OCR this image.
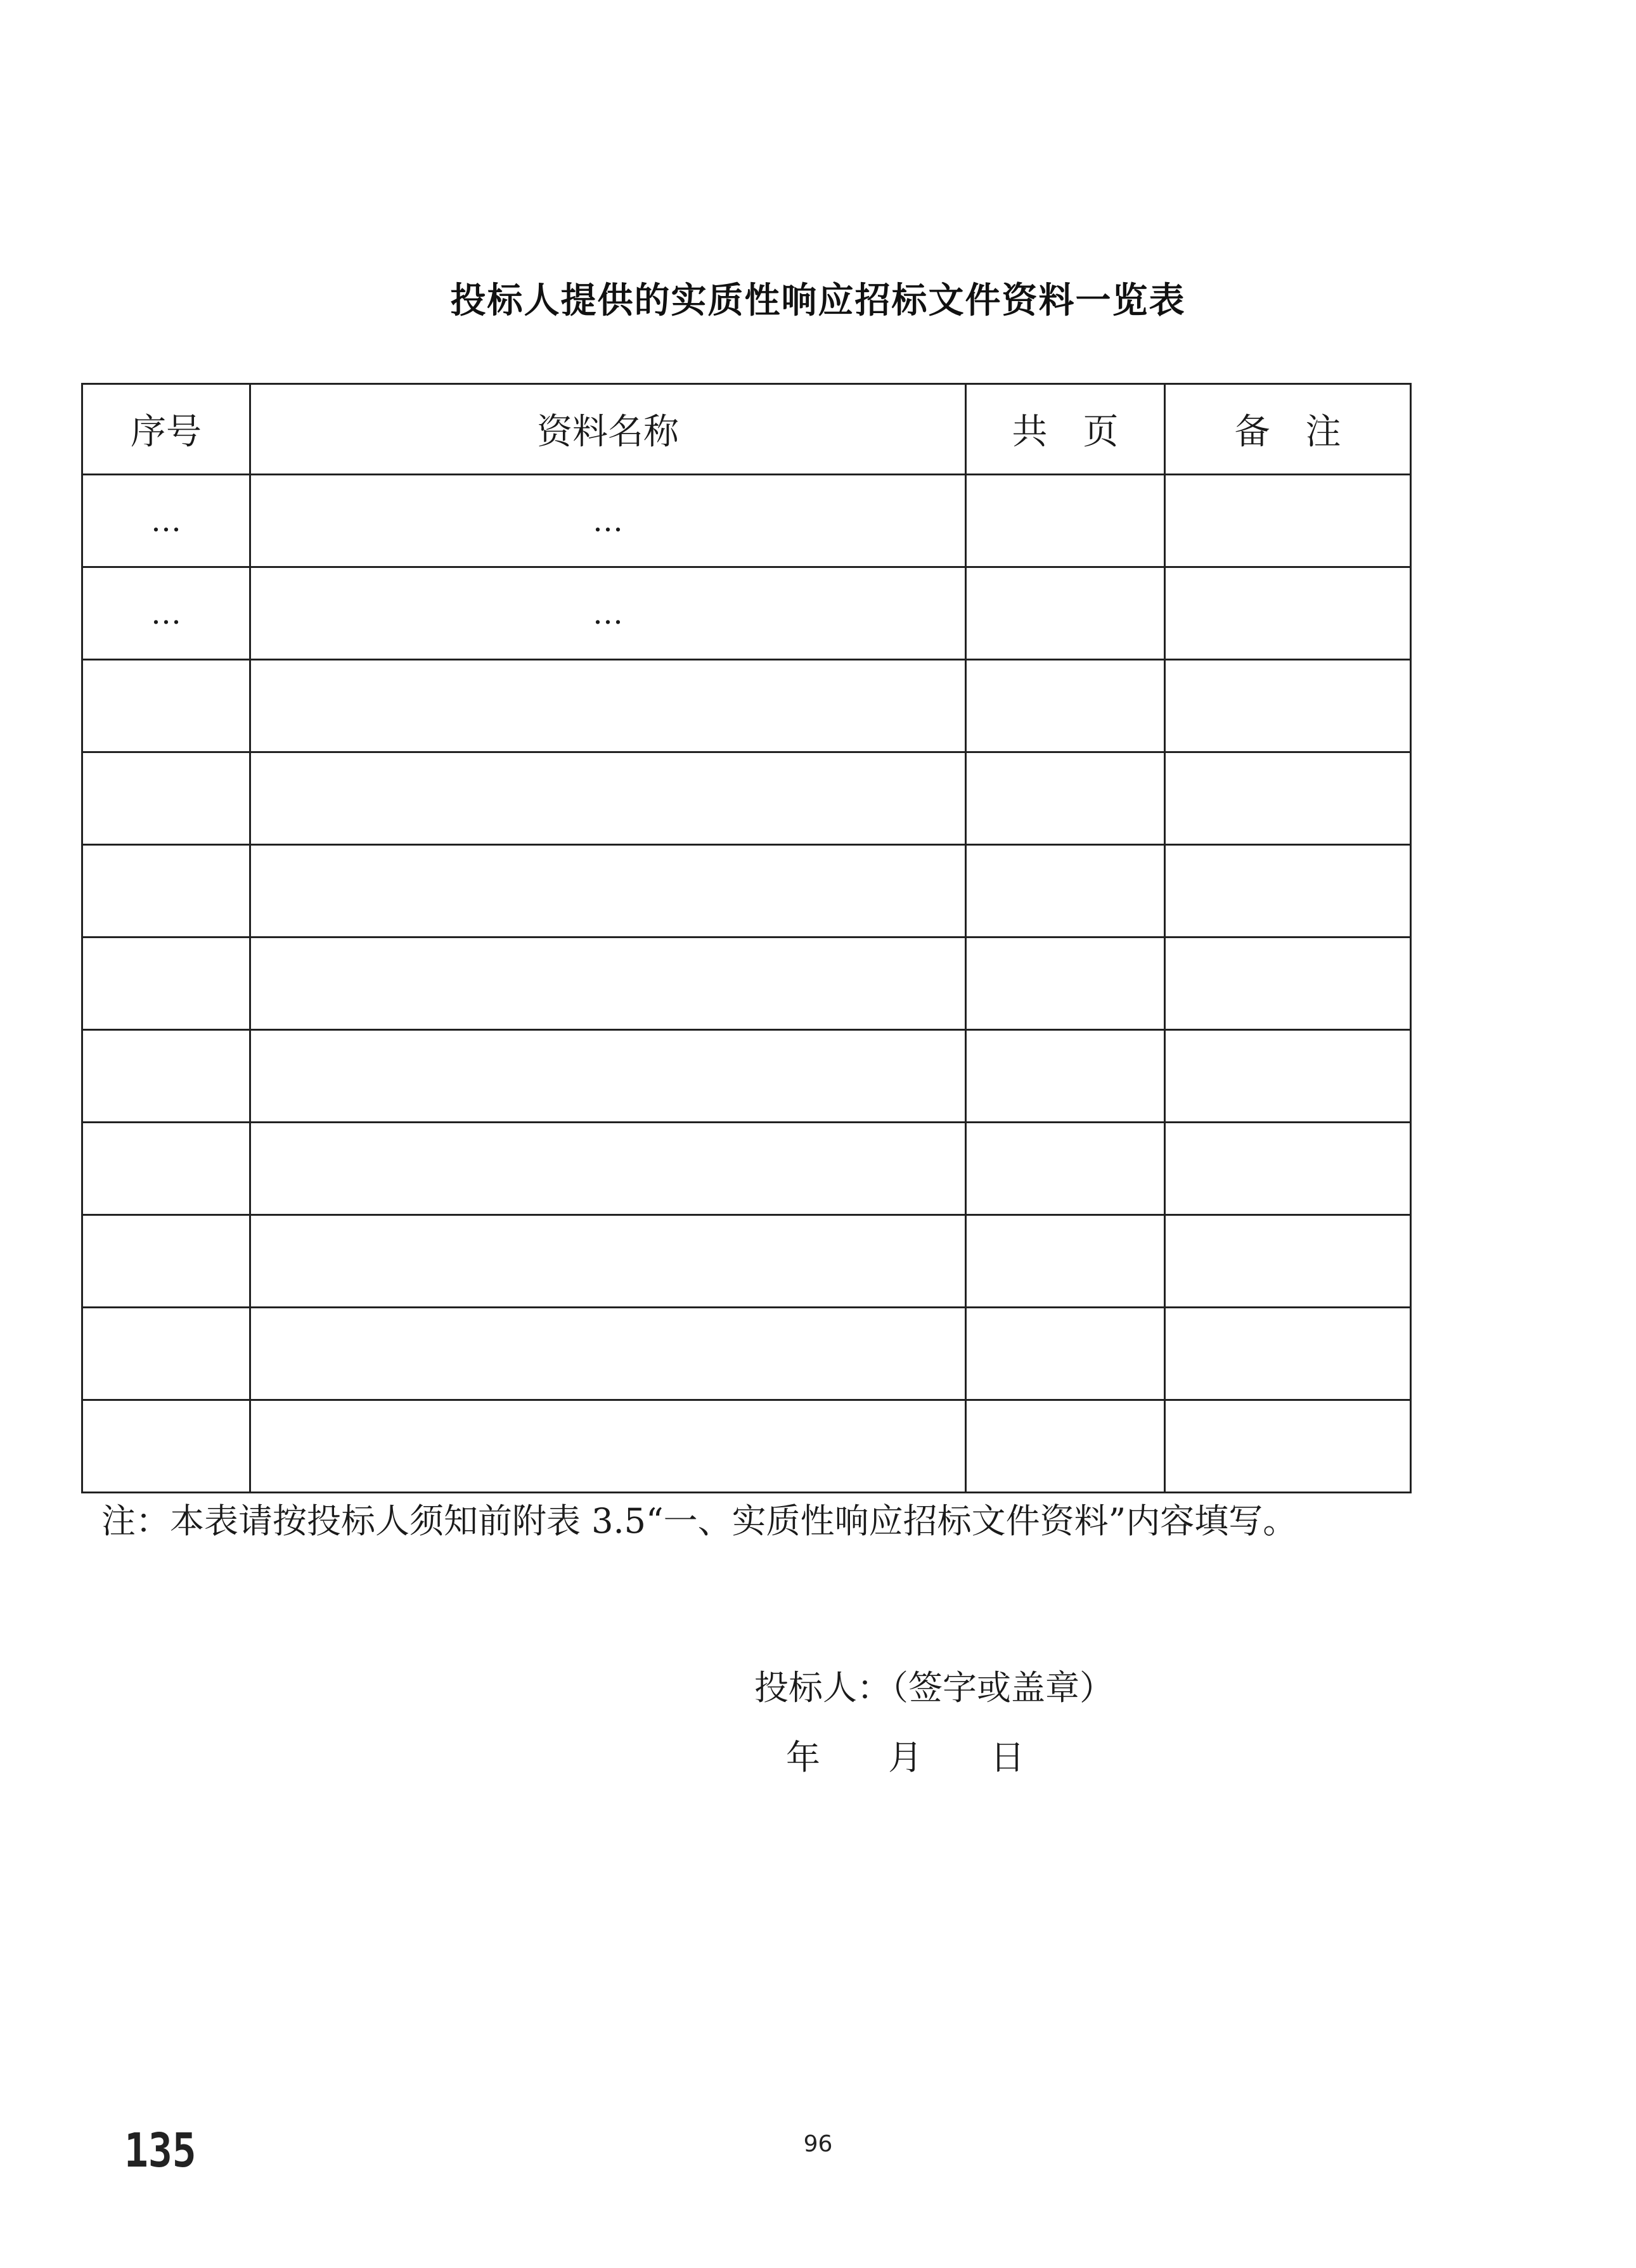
投标人提供的实质性响应招标文件资料一览表
序号	资料名称	共　页	备　注
…	…		
…	…		

注：本表请按投标人须知前附表 3.5“一、实质性响应招标文件资料”内容填写。
投标人：（签字或盖章）
年 月 日
135	96
